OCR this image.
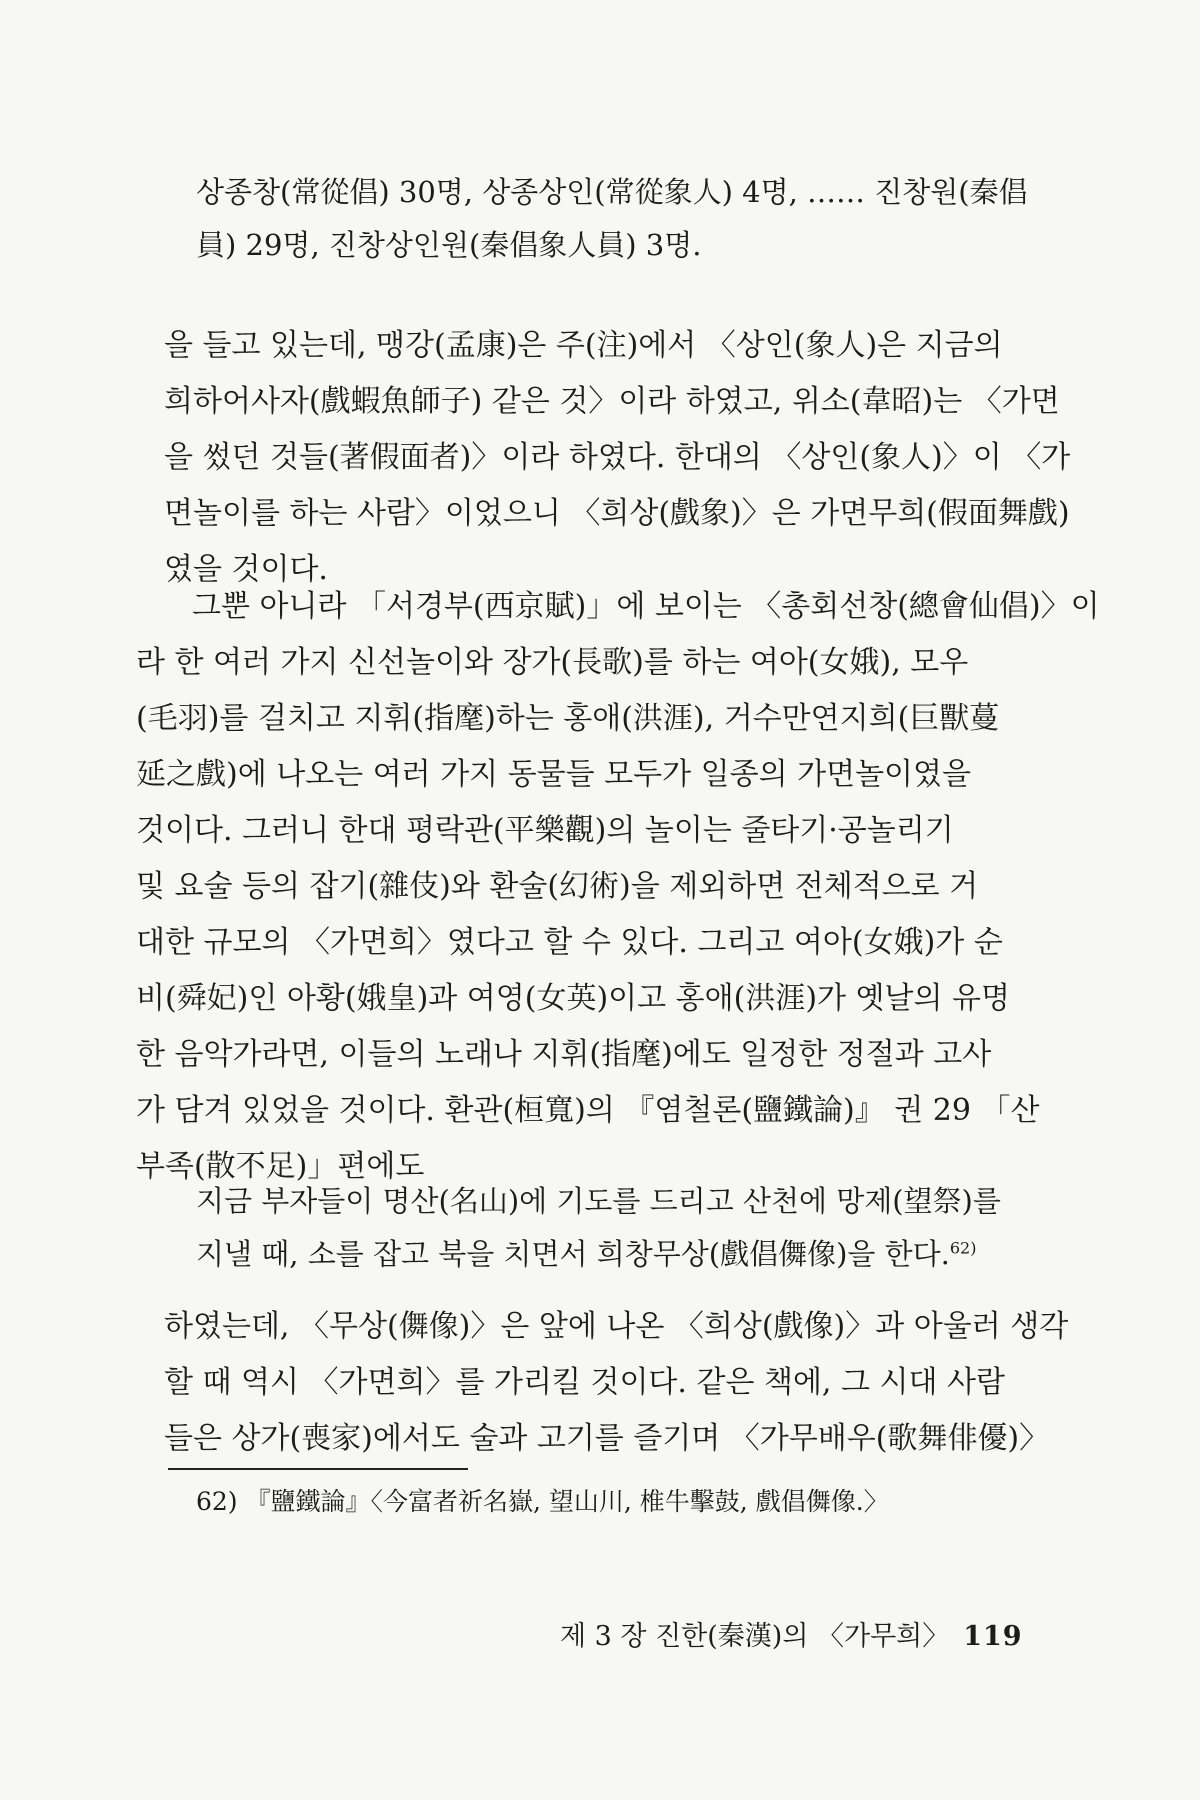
상종창(常從倡) 30명, 상종상인(常從象人) 4명, …… 진창원(秦倡
員) 29명, 진창상인원(秦倡象人員) 3명.
을 들고 있는데, 맹강(孟康)은 주(注)에서 〈상인(象人)은 지금의
희하어사자(戲蝦魚師子) 같은 것〉이라 하였고, 위소(韋昭)는 〈가면
을 썼던 것들(著假面者)〉이라 하였다. 한대의 〈상인(象人)〉이 〈가
면놀이를 하는 사람〉이었으니 〈희상(戲象)〉은 가면무희(假面舞戲)
였을 것이다.
그뿐 아니라 「서경부(西京賦)」에 보이는 〈총회선창(總會仙倡)〉이
라 한 여러 가지 신선놀이와 장가(長歌)를 하는 여아(女娥), 모우
(毛羽)를 걸치고 지휘(指麾)하는 홍애(洪涯), 거수만연지희(巨獸蔓
延之戲)에 나오는 여러 가지 동물들 모두가 일종의 가면놀이였을
것이다. 그러니 한대 평락관(平樂觀)의 놀이는 줄타기·공놀리기
및 요술 등의 잡기(雜伎)와 환술(幻術)을 제외하면 전체적으로 거
대한 규모의 〈가면희〉였다고 할 수 있다. 그리고 여아(女娥)가 순
비(舜妃)인 아황(娥皇)과 여영(女英)이고 홍애(洪涯)가 옛날의 유명
한 음악가라면, 이들의 노래나 지휘(指麾)에도 일정한 정절과 고사
가 담겨 있었을 것이다. 환관(桓寬)의 『염철론(鹽鐵論)』 권 29 「산
부족(散不足)」편에도
지금 부자들이 명산(名山)에 기도를 드리고 산천에 망제(望祭)를
지낼 때, 소를 잡고 북을 치면서 희창무상(戲倡儛像)을 한다.$^{62)}$
하였는데, 〈무상(儛像)〉은 앞에 나온 〈희상(戲像)〉과 아울러 생각
할 때 역시 〈가면희〉를 가리킬 것이다. 같은 책에, 그 시대 사람
들은 상가(喪家)에서도 술과 고기를 즐기며 〈가무배우(歌舞俳優)〉

62) 『鹽鐵論』〈今富者祈名嶽, 望山川, 椎牛擊鼓, 戲倡儛像.〉

제 3 장 진한(秦漢)의 〈가무희〉 119
